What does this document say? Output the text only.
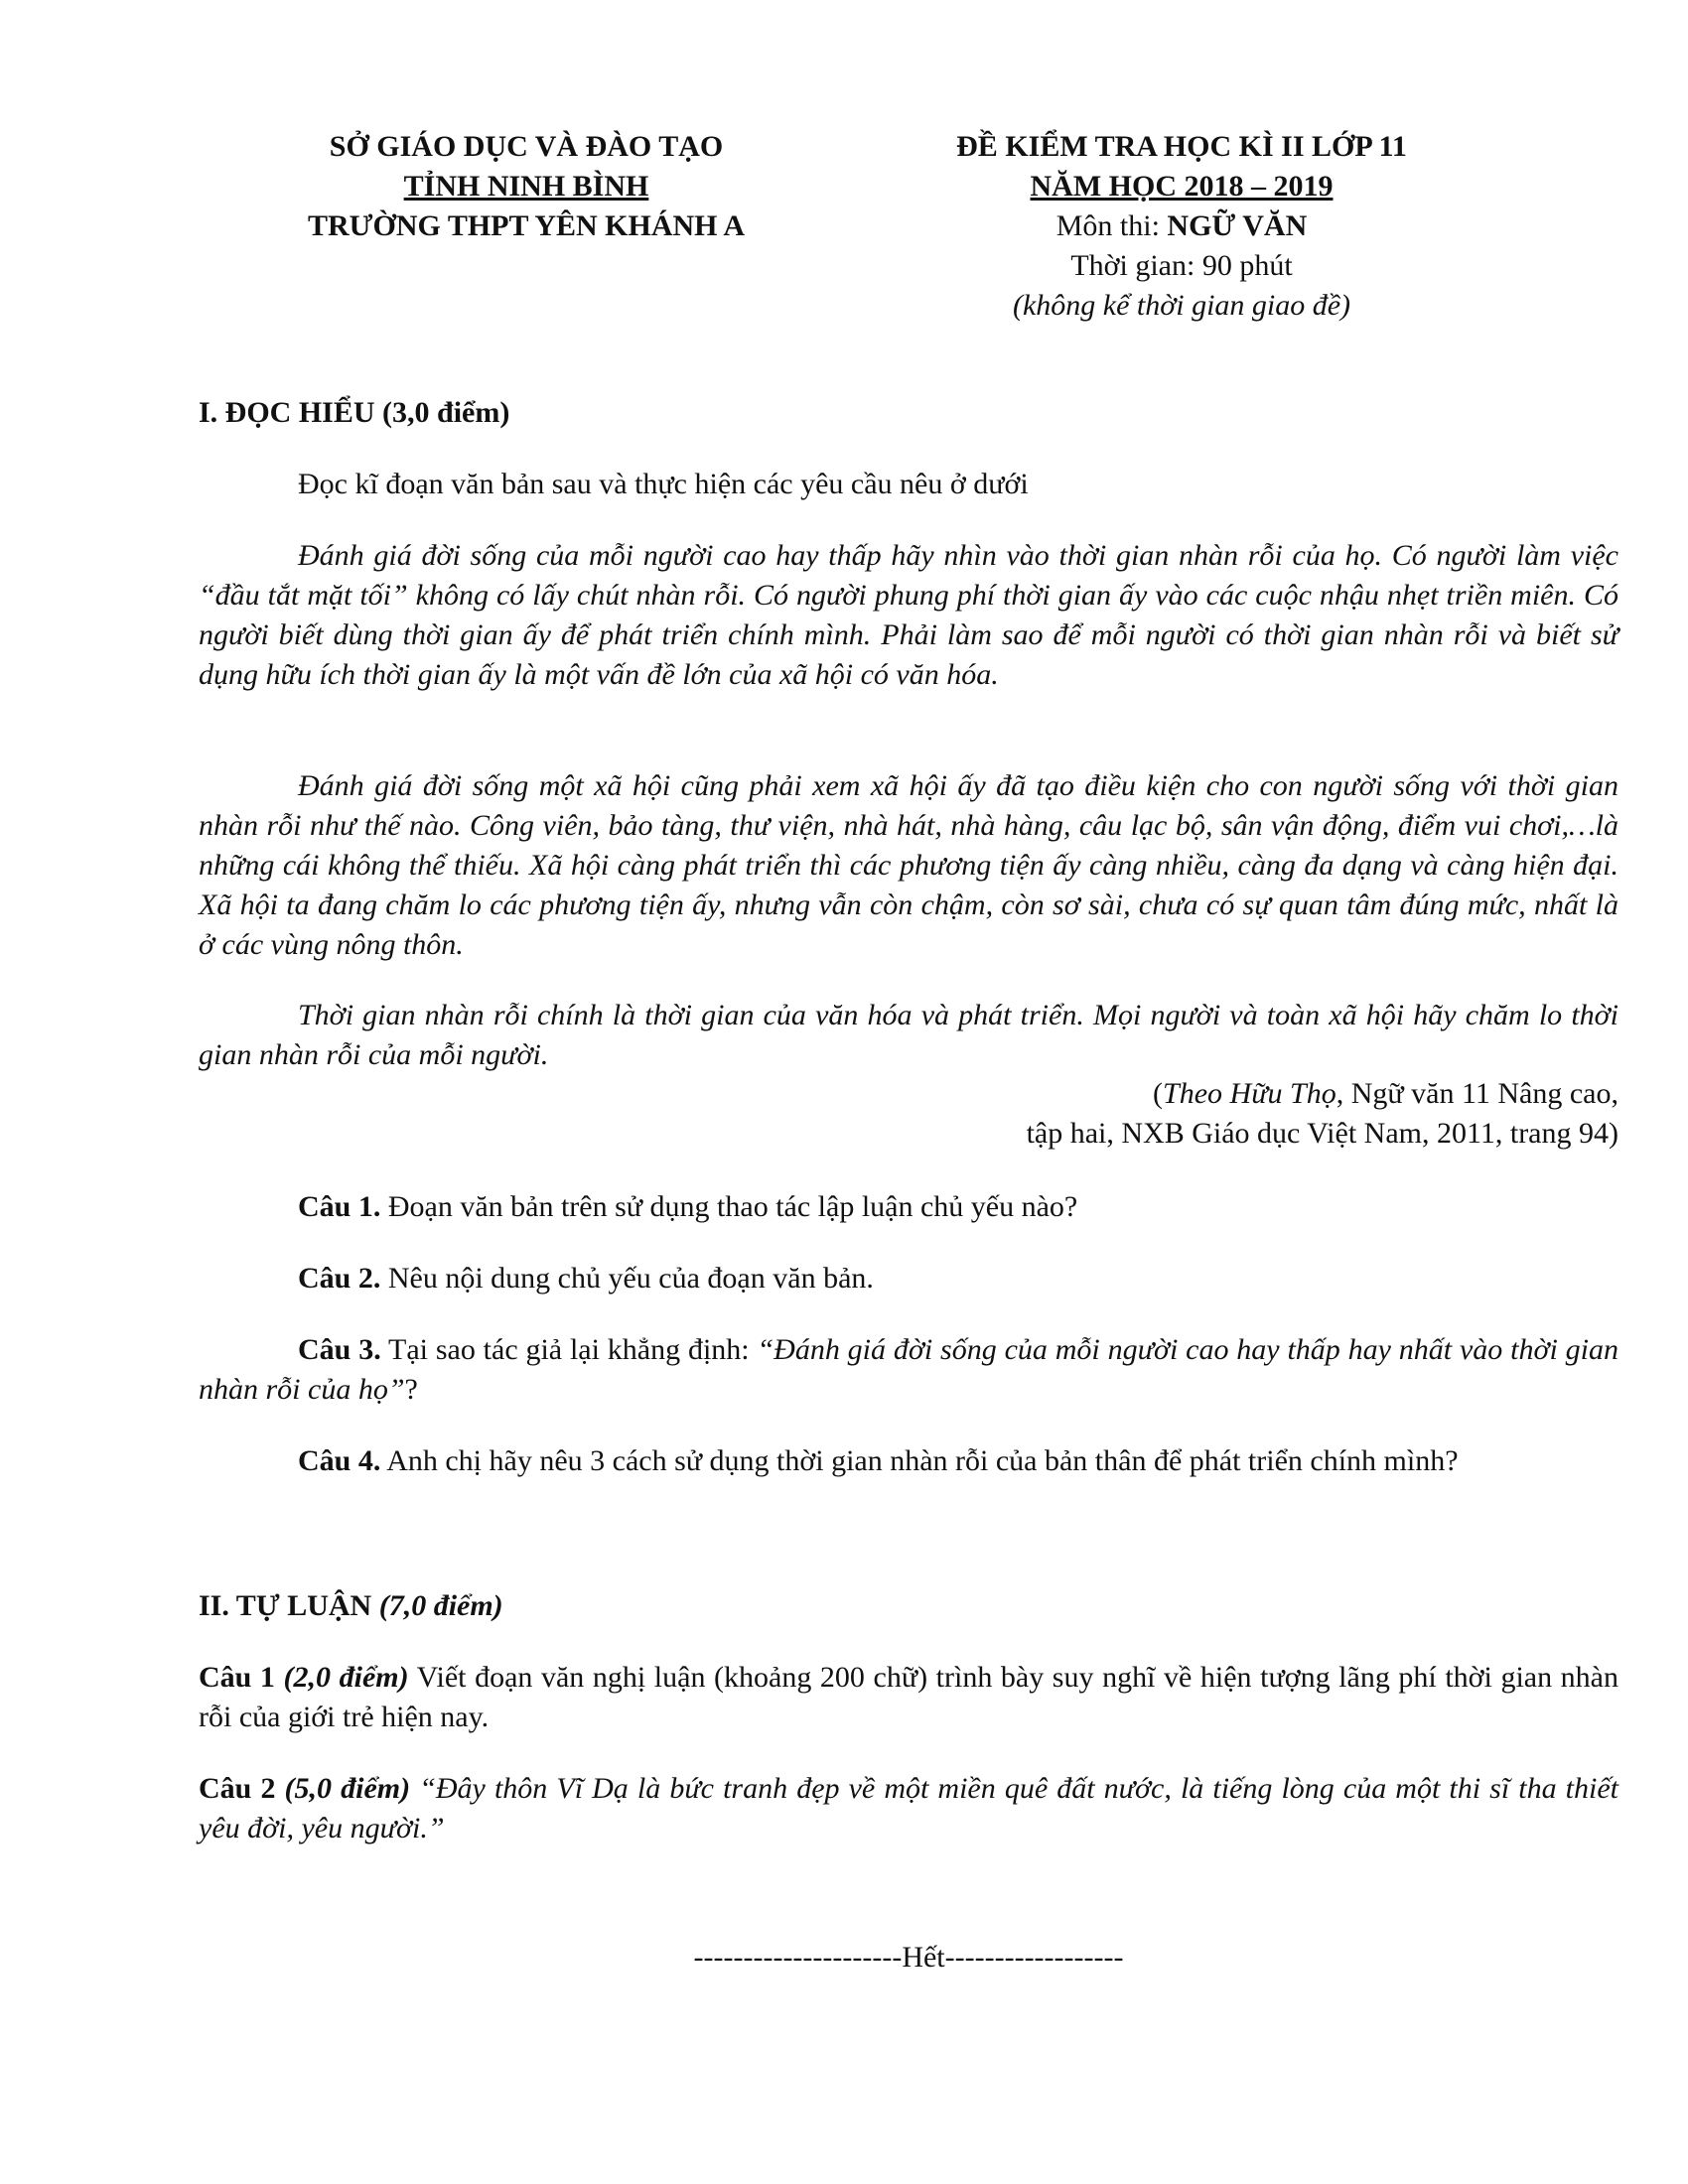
SỞ GIÁO DỤC VÀ ĐÀO TẠO
TỈNH NINH BÌNH
TRƯỜNG THPT YÊN KHÁNH A
ĐỀ KIỂM TRA HỌC KÌ II LỚP 11
NĂM HỌC 2018 – 2019
Môn thi: NGỮ VĂN
Thời gian: 90 phút
(không kể thời gian giao đề)
I. ĐỌC HIỂU (3,0 điểm)

Đọc kĩ đoạn văn bản sau và thực hiện các yêu cầu nêu ở dưới

Đánh giá đời sống của mỗi người cao hay thấp hãy nhìn vào thời gian nhàn rỗi của họ. Có người làm việc “đầu tắt mặt tối” không có lấy chút nhàn rỗi. Có người phung phí thời gian ấy vào các cuộc nhậu nhẹt triền miên. Có người biết dùng thời gian ấy để phát triển chính mình. Phải làm sao để mỗi người có thời gian nhàn rỗi và biết sử dụng hữu ích thời gian ấy là một vấn đề lớn của xã hội có văn hóa.

Đánh giá đời sống một xã hội cũng phải xem xã hội ấy đã tạo điều kiện cho con người sống với thời gian nhàn rỗi như thế nào. Công viên, bảo tàng, thư viện, nhà hát, nhà hàng, câu lạc bộ, sân vận động, điểm vui chơi,…là những cái không thể thiếu. Xã hội càng phát triển thì các phương tiện ấy càng nhiều, càng đa dạng và càng hiện đại. Xã hội ta đang chăm lo các phương tiện ấy, nhưng vẫn còn chậm, còn sơ sài, chưa có sự quan tâm đúng mức, nhất là ở các vùng nông thôn.

Thời gian nhàn rỗi chính là thời gian của văn hóa và phát triển. Mọi người và toàn xã hội hãy chăm lo thời gian nhàn rỗi của mỗi người.

(Theo Hữu Thọ, Ngữ văn 11 Nâng cao,
tập hai, NXB Giáo dục Việt Nam, 2011, trang 94)

Câu 1. Đoạn văn bản trên sử dụng thao tác lập luận chủ yếu nào?

Câu 2. Nêu nội dung chủ yếu của đoạn văn bản.

Câu 3. Tại sao tác giả lại khẳng định: “Đánh giá đời sống của mỗi người cao hay thấp hay nhất vào thời gian nhàn rỗi của họ”?

Câu 4. Anh chị hãy nêu 3 cách sử dụng thời gian nhàn rỗi của bản thân để phát triển chính mình?

II. TỰ LUẬN (7,0 điểm)

Câu 1 (2,0 điểm) Viết đoạn văn nghị luận (khoảng 200 chữ) trình bày suy nghĩ về hiện tượng lãng phí thời gian nhàn rỗi của giới trẻ hiện nay.

Câu 2 (5,0 điểm) “Đây thôn Vĩ Dạ là bức tranh đẹp về một miền quê đất nước, là tiếng lòng của một thi sĩ tha thiết yêu đời, yêu người.”

---------------------Hết------------------
